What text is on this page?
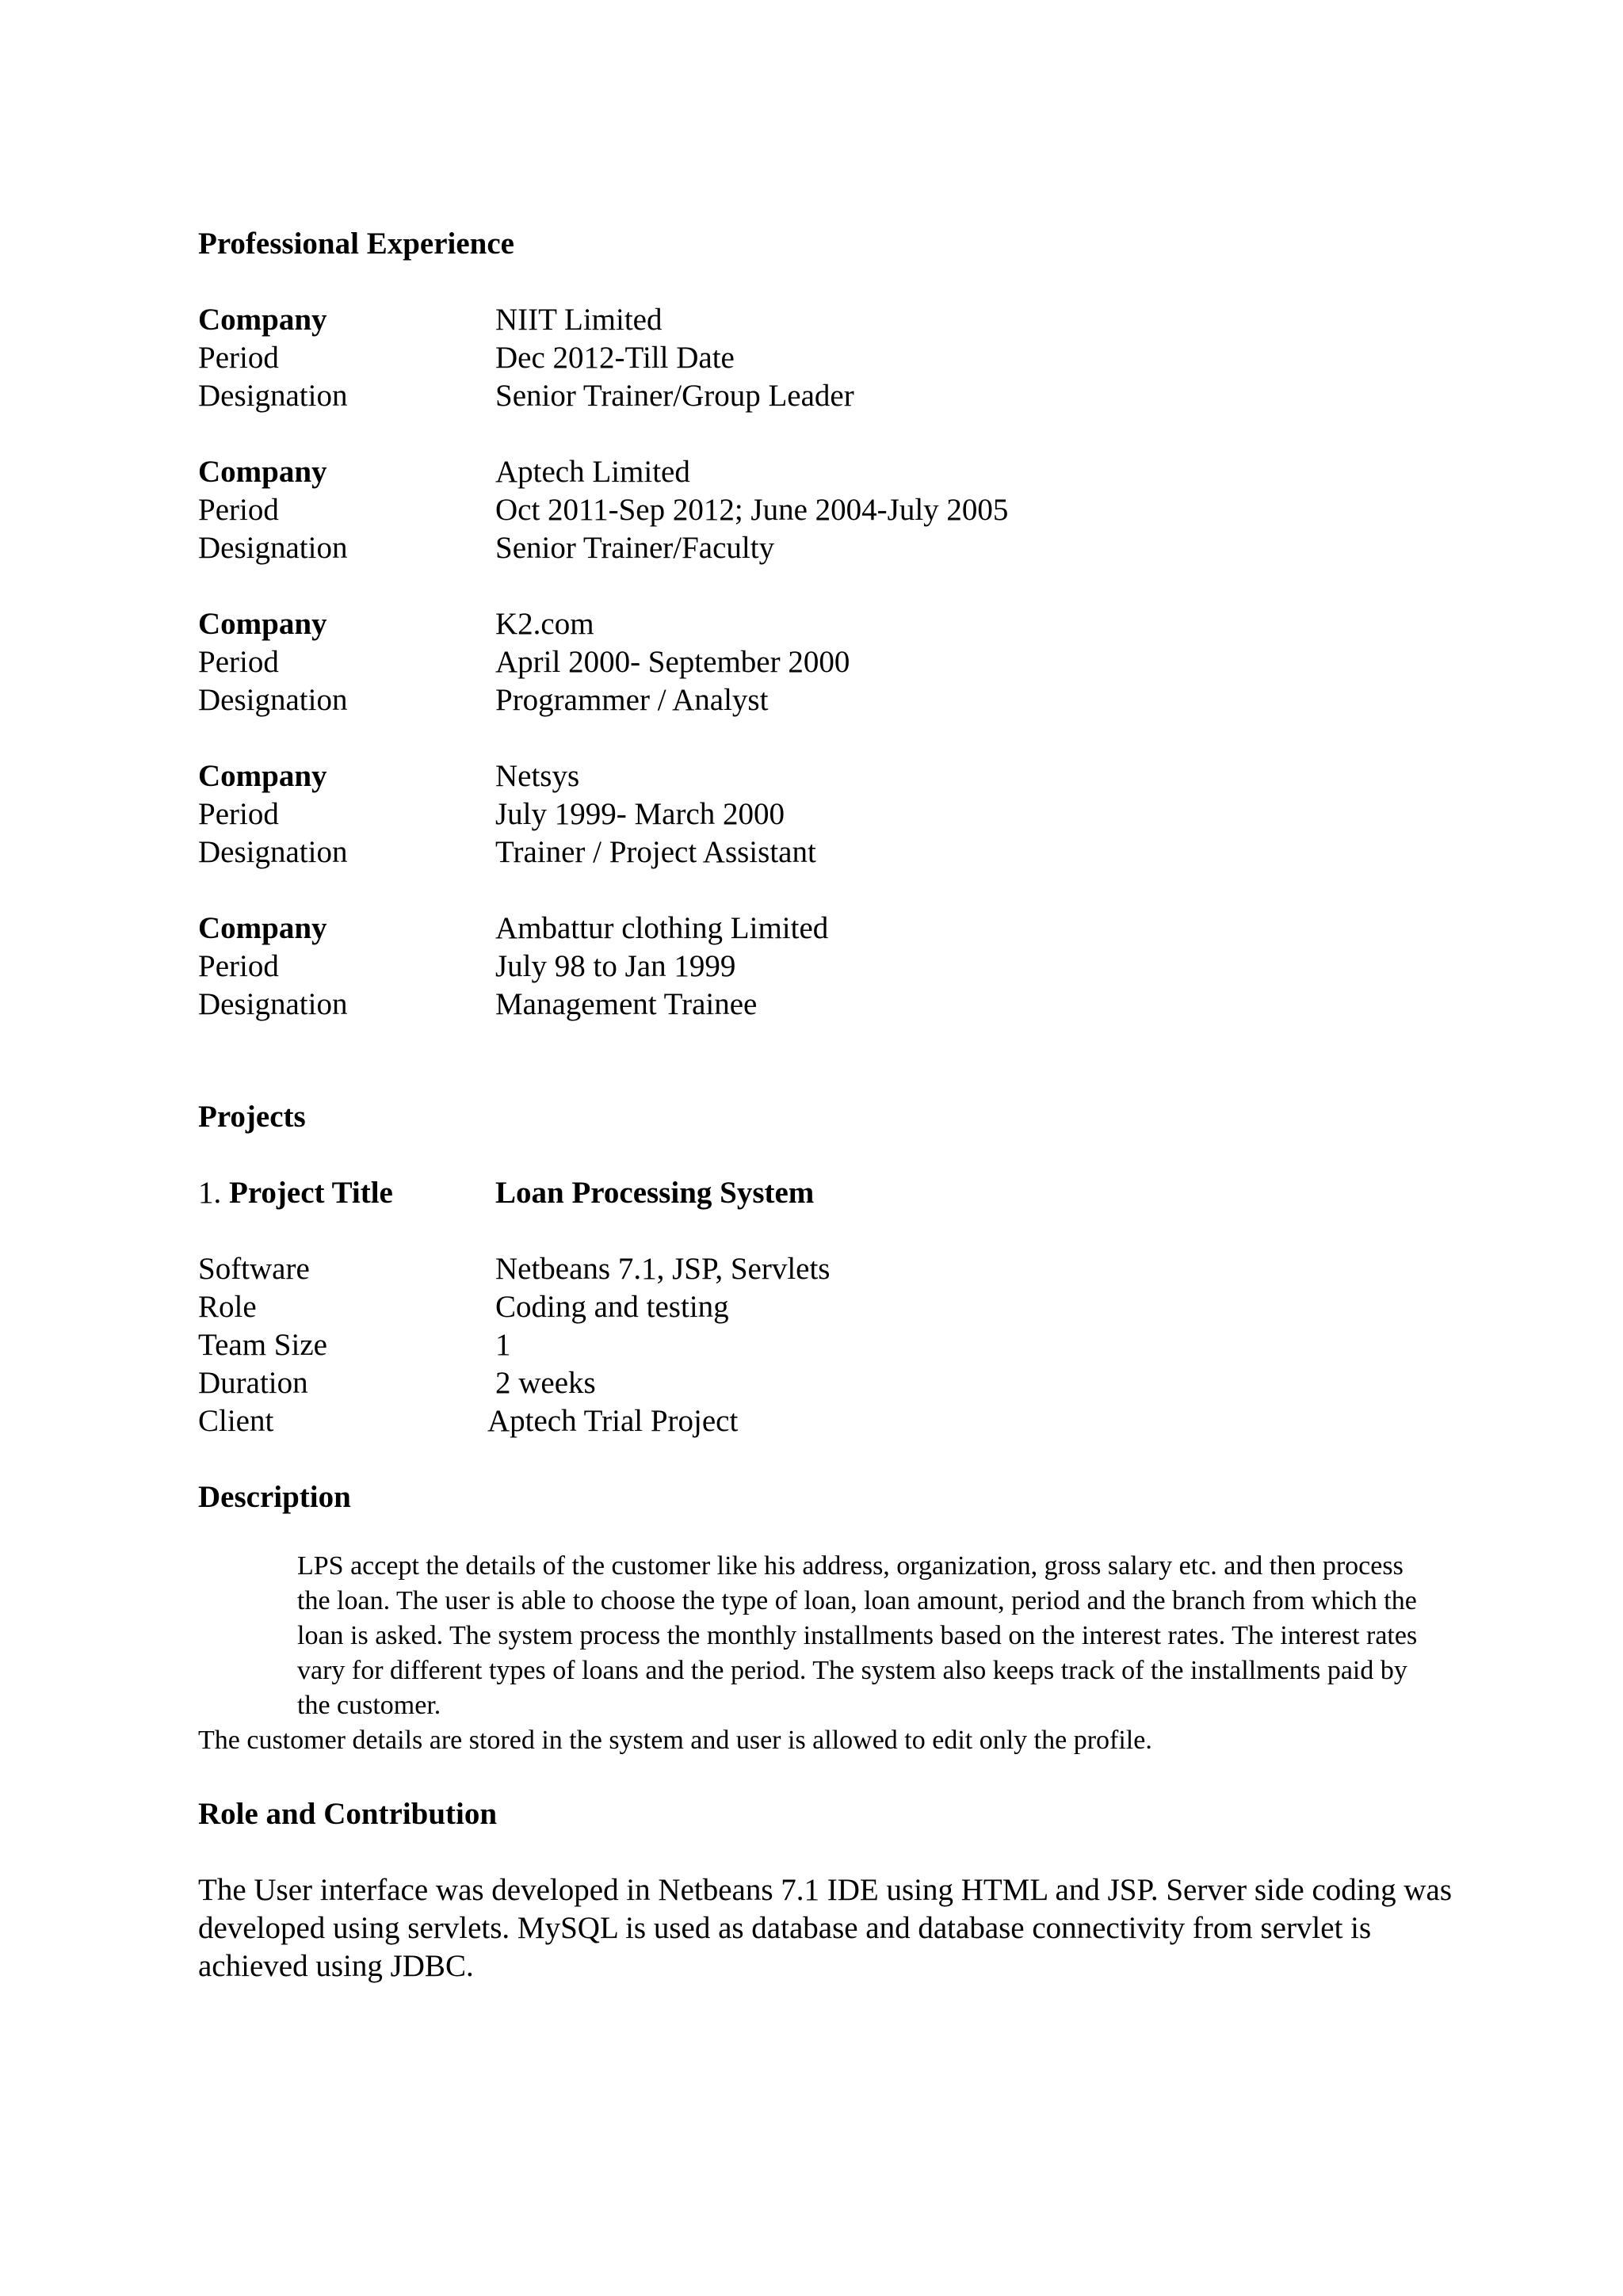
Professional Experience
Company	NIIT Limited
Period	Dec 2012-Till Date
Designation	Senior Trainer/Group Leader
Company	Aptech Limited
Period	Oct 2011-Sep 2012; June 2004-July 2005
Designation	Senior Trainer/Faculty
Company	K2.com
Period	April 2000- September 2000
Designation	Programmer / Analyst
Company	Netsys
Period	July 1999- March 2000
Designation	Trainer / Project Assistant
Company	Ambattur clothing Limited
Period	July 98 to Jan 1999
Designation	Management Trainee
Projects
1. Project Title	Loan Processing System
Software	Netbeans 7.1, JSP, Servlets
Role	Coding and testing
Team Size	1
Duration	2 weeks
Client	Aptech Trial Project
Description

LPS accept the details of the customer like his address, organization, gross salary etc. and then process the loan. The user is able to choose the type of loan, loan amount, period and the branch from which the loan is asked. The system process the monthly installments based on the interest rates. The interest rates vary for different types of loans and the period. The system also keeps track of the installments paid by the customer.

The customer details are stored in the system and user is allowed to edit only the profile.

Role and Contribution

The User interface was developed in Netbeans 7.1 IDE using HTML and JSP. Server side coding was developed using servlets. MySQL is used as database and database connectivity from servlet is achieved using JDBC.
